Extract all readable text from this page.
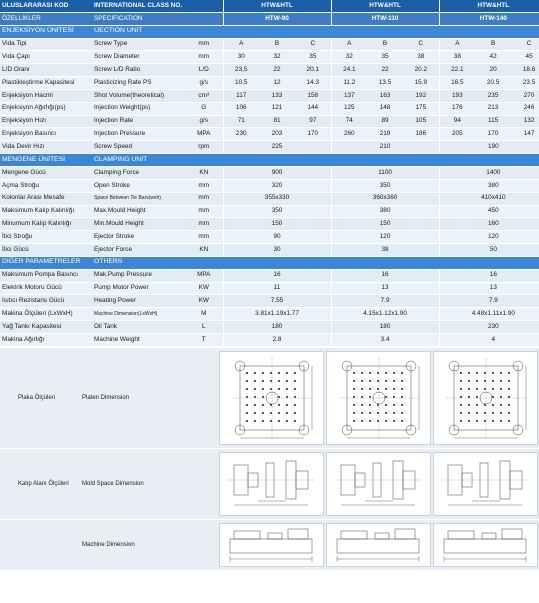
ULUSLARARASI KOD	INTERNATIONAL CLASS NO.		HTW&HTL			HTW&HTL			HTW&HTL		
ÖZELLİKLER	SPECIFICATION		HTW-90			HTW-110			HTW-140		
ENJEKSİYON ÜNİTESİ	IJECTION UNIT										
Vida Tipi	Screw Type	mm	A	B	C	A	B	C	A	B	C
Vida Çapı	Screw Diameter	mm	30	32	35	32	35	38	38	42	45
L/D Oranı	Screw L/D Ratio	L/D	23,5	22	20.1	24.1	22	20.2	22.1	20	18.6
Plastikleştirme Kapasitesi	Plasticizing Rate PS	g/s	10.5	12	14.3	11.2	13.5	15.9	16.5	20.5	23.5
Enjeksiyon Hacmi	Shot Volume(theoretical)	cm³	117	133	158	137	163	192	193	235	270
Enjeksiyon Ağırlığı(ps)	Injection Weight(ps)	G	106	121	144	125	148	175	176	213	246
Enjeksiyon Hızı	Injection Rate	g/s	71	81	97	74	89	105	94	115	132
Enjeksiyon Basıncı	Injection Pressure	MPA	230	203	170	260	219	186	205	170	147
Vida Devir Hızı	Screw Speed	rpm	225			210			190		
MENGENE ÜNİTESİ	CLAMPING UNIT										
Mengene Gücü	Clamping Force	KN	900			1100			1400		
Açma Stroğu	Open Stroke	mm	320			350			380		
Kolonlar Arası Mesafe	Space Between Tie Bars(wxh)	mm	355x330			360x360			410x410		
Maksimum Kalıp Kalınlığı	Max.Mould Height	mm	350			380			450		
Minumum Kalıp Kalınlığı	Min.Mould Height	mm	150			150			160		
İtici Stroğu	Ejector Stroke	mm	90			120			120		
İtici Gücü	Ejector Force	KN	30			38			50		
DİĞER PARAMETRELER	OTHERS										
Maksimum Pompa Basıncı	Mak.Pump Pressure	MPA	16			16			16		
Elektrik Motoru Gücü	Pump Motor Power	KW	11			13			13		
Isıtıcı Rezistans Gücü	Heating Power	KW	7.55			7.9			7.9		
Makina Ölçüleri (LxWxH)	Machine Dimension(LxWxH)	M	3.81x1.19x1.77			4.15x1.12x1.90			4.48x1.11x1.90		
Yağ Tankı Kapasitesi	Oil Tank	L	180			180			230		
Makina Ağırlığı	Machine Weight	T	2.8			3.4			4		
Plaka Ölçüleri	Platen Dimension
Kalıp Alanı Ölçüleri	Mold Space Dimension
Machine Dimension
